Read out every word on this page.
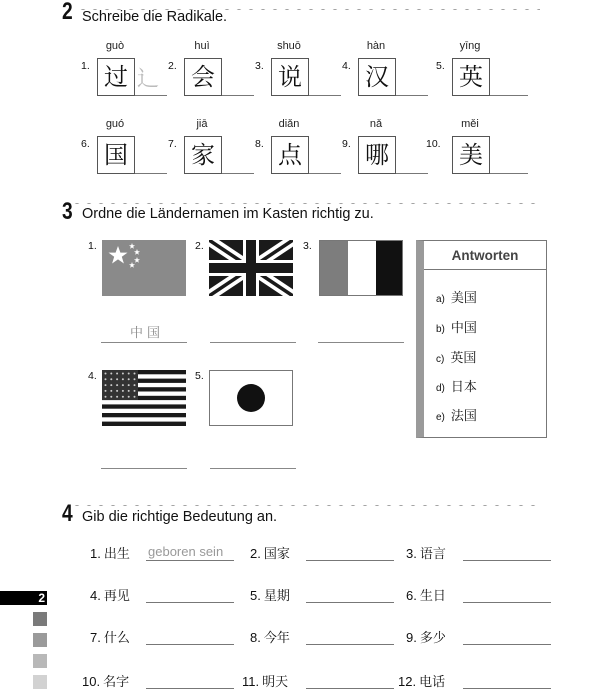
2 Schreibe die Radikale.
guò
1. 过 辶
huì
2. 会
shuō
3. 说
hàn
4. 汉
yīng
5. 英
guó
6. 国
jiā
7. 家
diǎn
8. 点
nǎ
9. 哪
měi
10. 美
3 Ordne die Ländernamen im Kasten richtig zu.
1.	2.	3.
4.	5.
中国
Antworten
a) 美国
b) 中国
c) 英国
d) 日本
e) 法国
4 Gib die richtige Bedeutung an.
1. 出生 geboren sein 2. 国家	3. 语言
4. 再见	5. 星期	6. 生日
7. 什么	8. 今年	9. 多少
10. 名字	11. 明天	12. 电话
2
